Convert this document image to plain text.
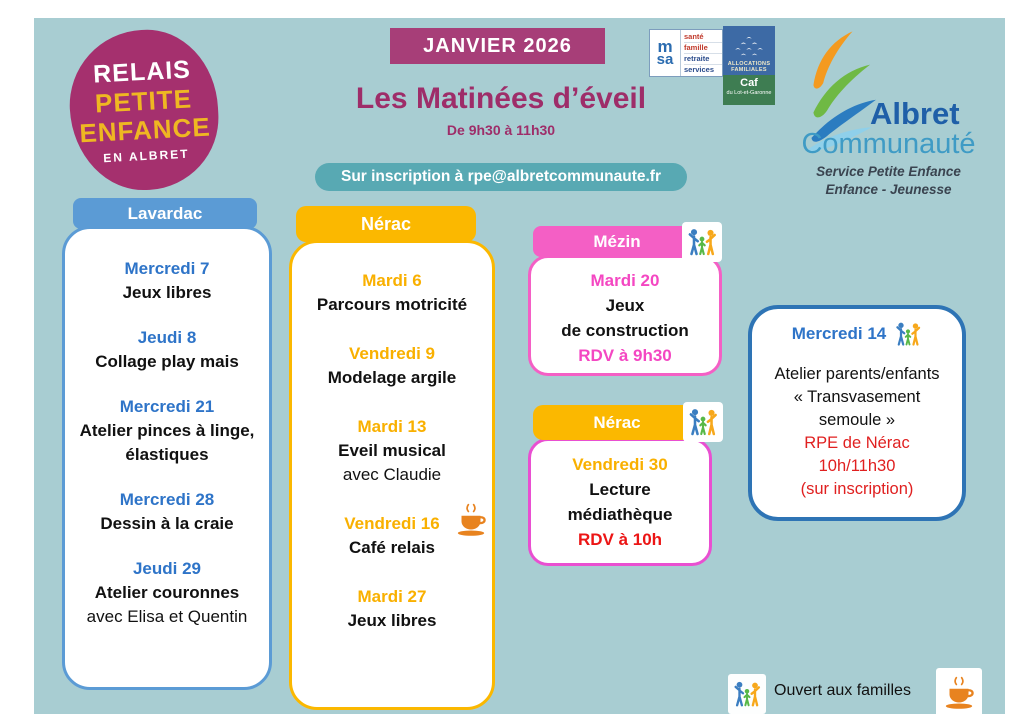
RELAIS
PETITE
ENFANCE
EN ALBRET
JANVIER 2026
Les Matinées d’éveil
De 9h30 à 11h30
Sur inscription à rpe@albretcommunaute.fr
m
sa
santé
famille
retraite
services
ALLOCATIONS
FAMILIALES
Caf
du Lot-et-Garonne
Albret
Communauté
Service Petite Enfance
Enfance - Jeunesse
Lavardac
Mercredi 7
Jeux libres
Jeudi 8
Collage play mais
Mercredi 21
Atelier pinces à linge,
élastiques
Mercredi 28
Dessin à la craie
Jeudi 29
Atelier couronnes
avec Elisa et Quentin
Nérac
Mardi 6
Parcours motricité
Vendredi 9
Modelage argile
Mardi 13
Eveil musical
avec Claudie
Vendredi 16
Café relais
Mardi 27
Jeux libres
Mézin
Mardi 20
Jeux
de construction
RDV à 9h30
Nérac
Vendredi 30
Lecture
médiathèque
RDV à 10h
Mercredi 14
Atelier parents/enfants
« Transvasement
semoule »
RPE de Nérac
10h/11h30
(sur inscription)
Ouvert aux familles
